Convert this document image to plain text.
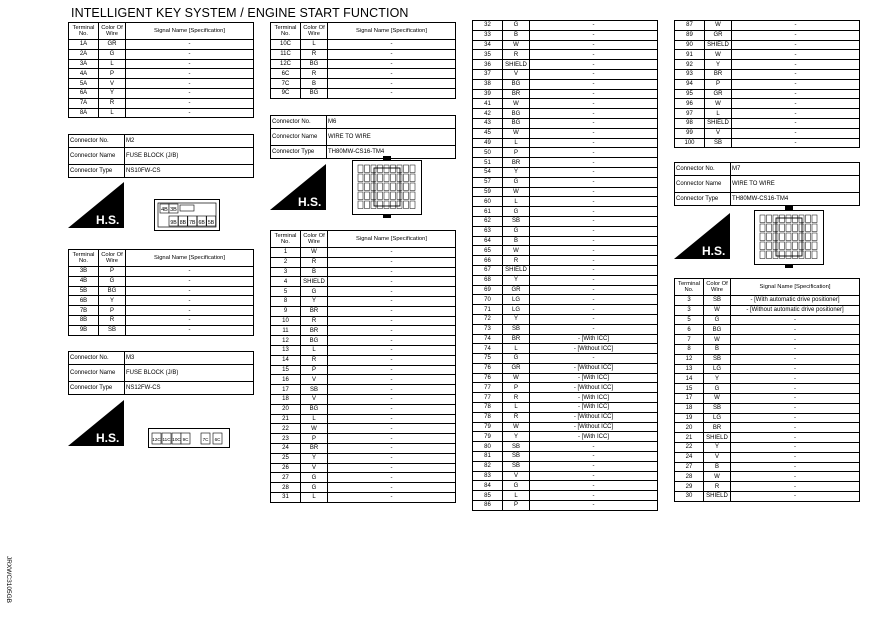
INTELLIGENT KEY SYSTEM / ENGINE START FUNCTION
JRXWC3105GB
Terminal No.	Color Of Wire	Signal Name [Specification]
1A	GR	-
2A	G	-
3A	L	-
4A	P	-
5A	V	-
6A	Y	-
7A	R	-
8A	L	-
Connector No.	M2
Connector Name	FUSE BLOCK (J/B)
Connector Type	NS10FW-CS
H.S.
4B 3B
9B 8B 7B 6B 5B
Terminal No.	Color Of Wire	Signal Name [Specification]
3B	P	-
4B	G	-
5B	BG	-
6B	Y	-
7B	P	-
8B	R	-
9B	SB	-
Connector No.	M3
Connector Name	FUSE BLOCK (J/B)
Connector Type	NS12FW-CS
H.S.	12C 11C 10C 9C	7C 6C
Terminal No.	Color Of Wire	Signal Name [Specification]
10C	L	-
11C	R	-
12C	BG	-
6C	R	-
7C	B	-
9C	BG	-
Connector No.	M6
Connector Name	WIRE TO WIRE
Connector Type	TH80MW-CS16-TM4
H.S.
Terminal No.	Color Of Wire	Signal Name [Specification]
1	W	-
2	R	-
3	B	-
4	SHIELD	-
5	G	-
8	Y	-
9	BR	-
10	R	-
11	BR	-
12	BG	-
13	L	-
14	R	-
15	P	-
16	V	-
17	SB	-
18	V	-
20	BG	-
21	L	-
22	W	-
23	P	-
24	BR	-
25	Y	-
26	V	-
27	G	-
28	G	-
31	L	-
32	G	-
33	B	-
34	W	-
35	R	-
36	SHIELD	-
37	V	-
38	BG	-
39	BR	-
41	W	-
42	BG	-
43	BG	-
45	W	-
49	L	-
50	P	-
51	BR	-
54	Y	-
57	G	-
59	W	-
60	L	-
61	G	-
62	SB	-
63	G	-
64	B	-
65	W	-
66	R	-
67	SHIELD	-
68	Y	-
69	GR	-
70	LG	-
71	LG	-
72	Y	-
73	SB	-
74	BR	- [With ICC]
74	L	- [Without ICC]
75	G	-
76	GR	- [Without ICC]
76	W	- [With ICC]
77	P	- [Without ICC]
77	R	- [With ICC]
78	L	- [With ICC]
78	R	- [Without ICC]
79	W	- [Without ICC]
79	Y	- [With ICC]
80	SB	-
81	SB	-
82	SB	-
83	V	-
84	G	-
85	L	-
86	P	-
87	W	-
89	GR	-
90	SHIELD	-
91	W	-
92	Y	-
93	BR	-
94	P	-
95	GR	-
96	W	-
97	L	-
98	SHIELD	-
99	V	-
100	SB	-
Connector No.	M7
Connector Name	WIRE TO WIRE
Connector Type	TH80MW-CS16-TM4
H.S.
Terminal No.	Color Of Wire	Signal Name [Specification]
3	SB	- [With automatic drive positioner]
3	W	- [Without automatic drive positioner]
5	G	-
6	BG	-
7	W	-
8	B	-
12	SB	-
13	LG	-
14	Y	-
15	G	-
17	W	-
18	SB	-
19	LG	-
20	BR	-
21	SHIELD	-
22	Y	-
24	V	-
27	B	-
28	W	-
29	R	-
30	SHIELD	-
